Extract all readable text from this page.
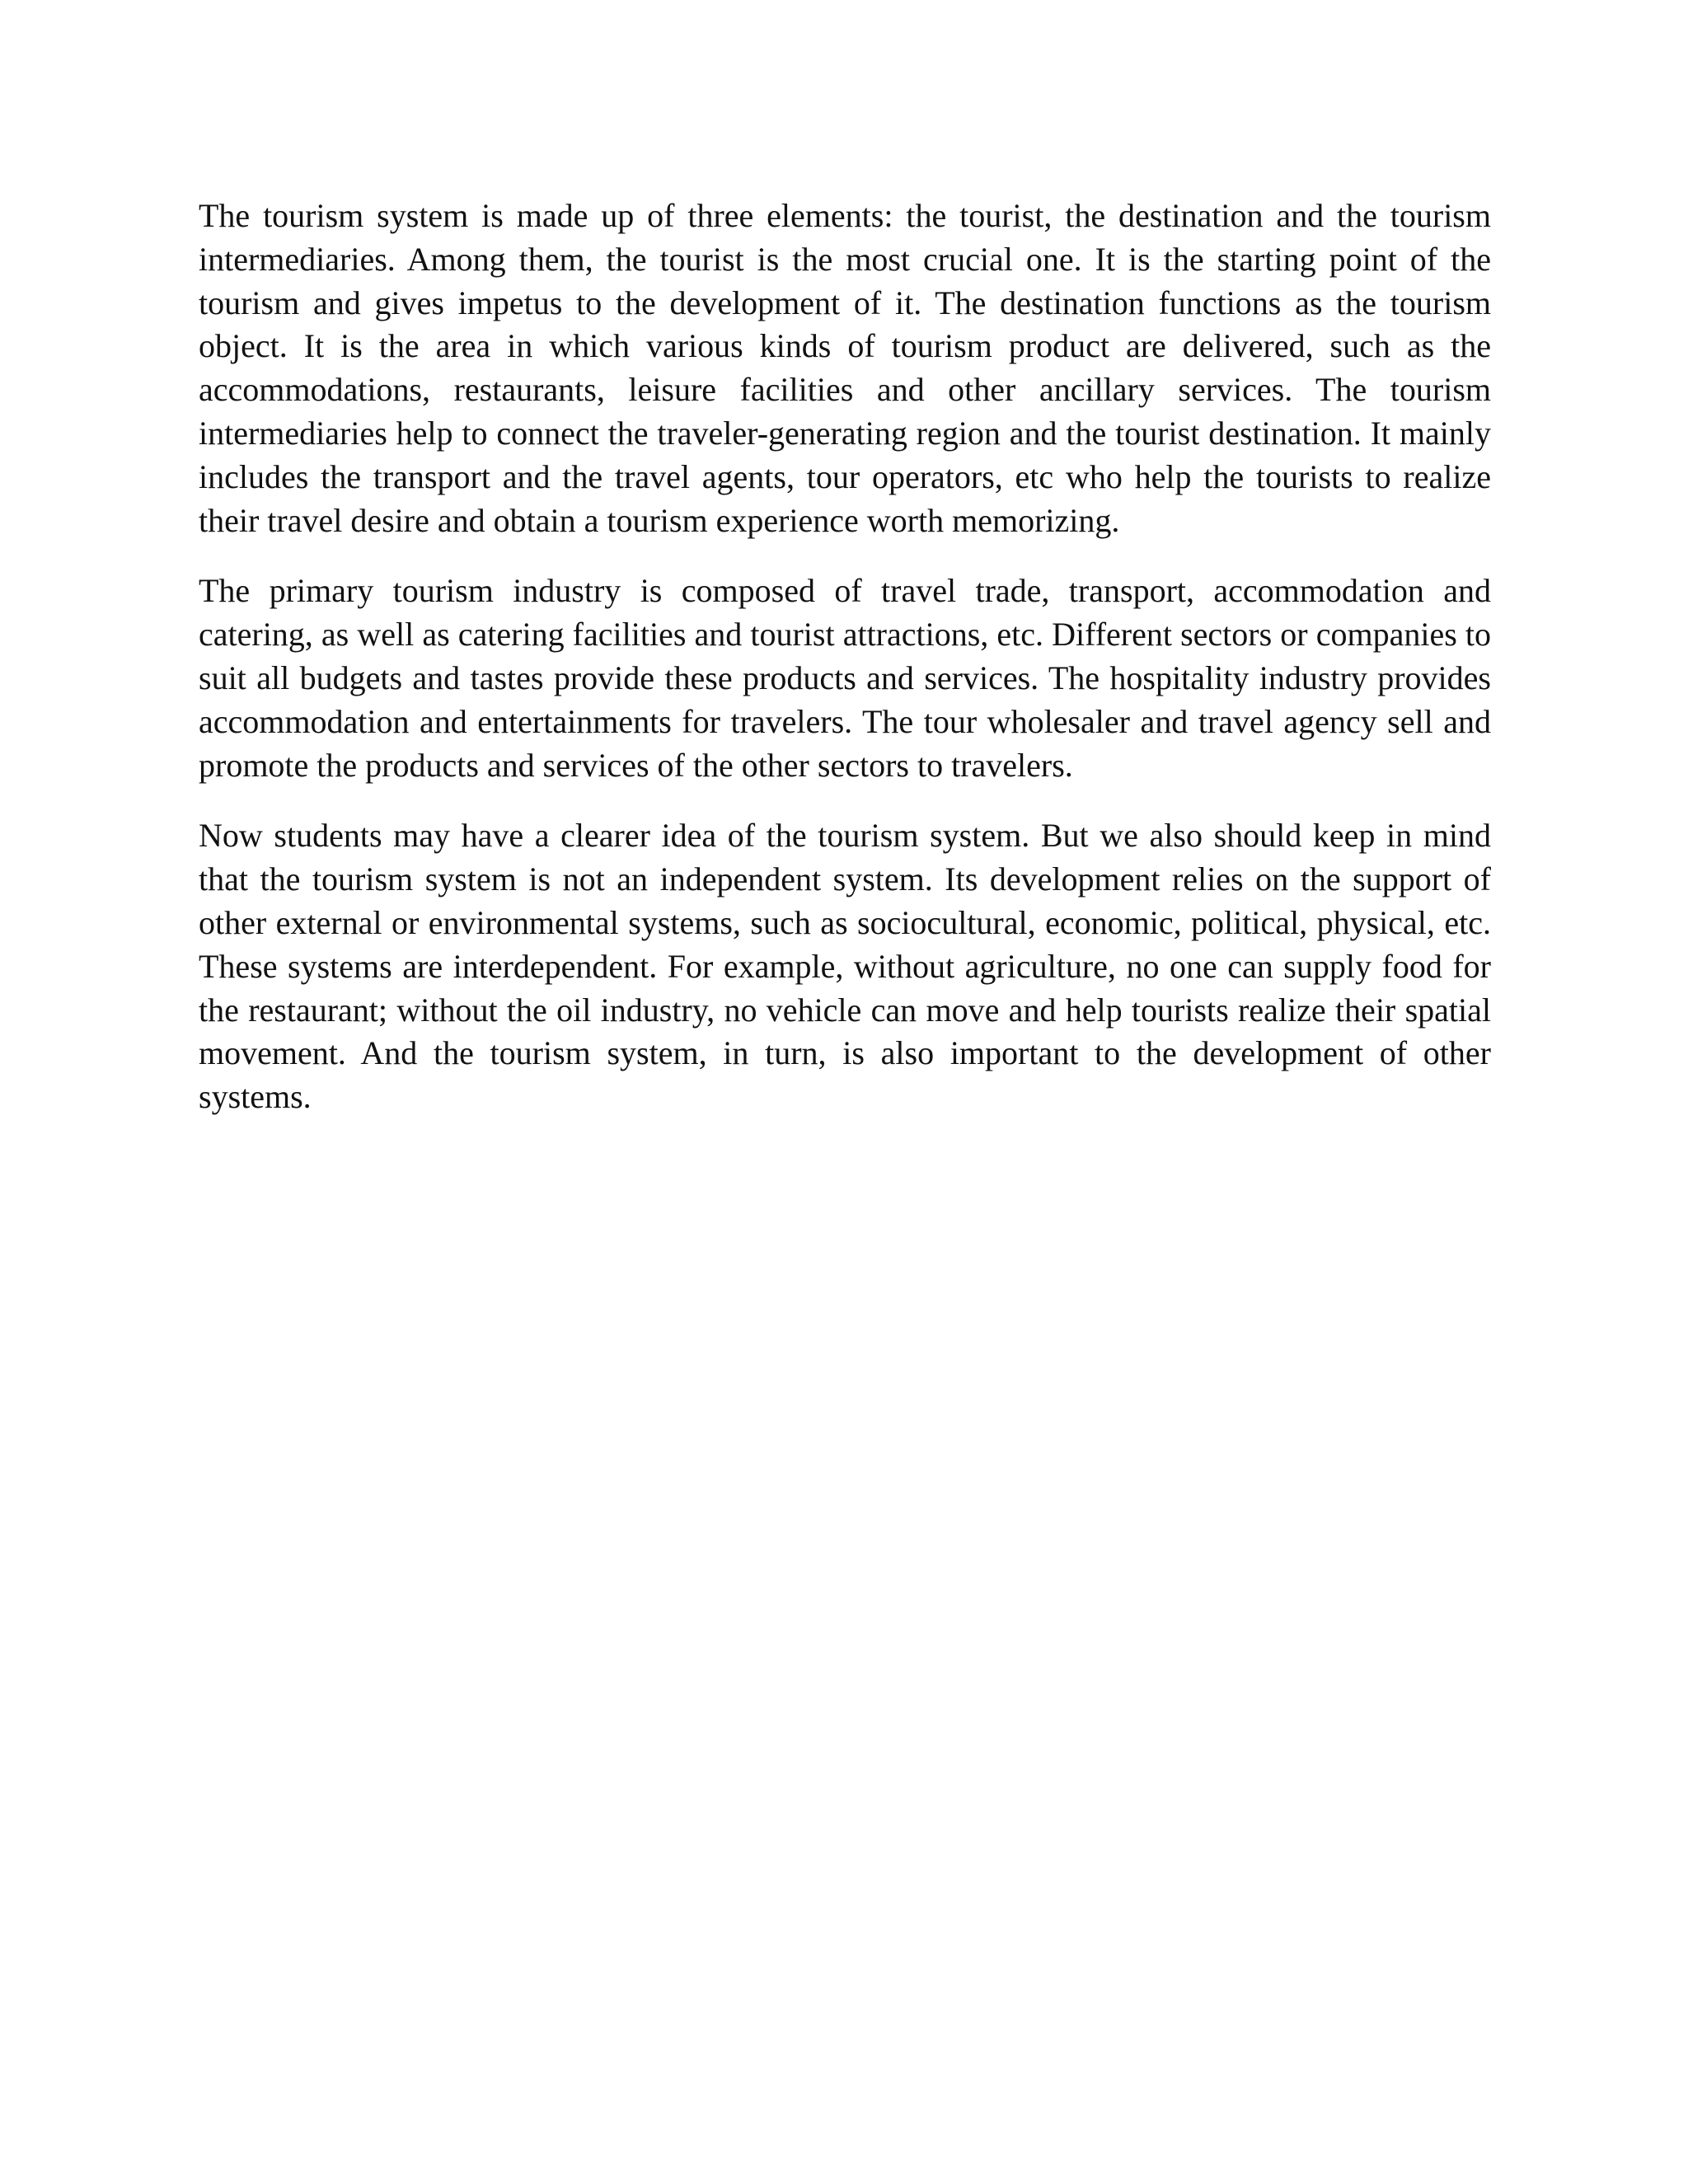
The tourism system is made up of three elements: the tourist, the destination and the tourism intermediaries. Among them, the tourist is the most crucial one. It is the starting point of the tourism and gives impetus to the development of it. The destination functions as the tourism object. It is the area in which various kinds of tourism product are delivered, such as the accommodations, restaurants, leisure facilities and other ancillary services. The tourism intermediaries help to connect the traveler-generating region and the tourist destination. It mainly includes the transport and the travel agents, tour operators, etc who help the tourists to realize their travel desire and obtain a tourism experience worth memorizing.

The primary tourism industry is composed of travel trade, transport, accommodation and catering, as well as catering facilities and tourist attractions, etc. Different sectors or companies to suit all budgets and tastes provide these products and services. The hospitality industry provides accommodation and entertainments for travelers. The tour wholesaler and travel agency sell and promote the products and services of the other sectors to travelers.

Now students may have a clearer idea of the tourism system. But we also should keep in mind that the tourism system is not an independent system. Its development relies on the support of other external or environmental systems, such as sociocultural, economic, political, physical, etc. These systems are interdependent. For example, without agriculture, no one can supply food for the restaurant; without the oil industry, no vehicle can move and help tourists realize their spatial movement. And the tourism system, in turn, is also important to the development of other systems.
